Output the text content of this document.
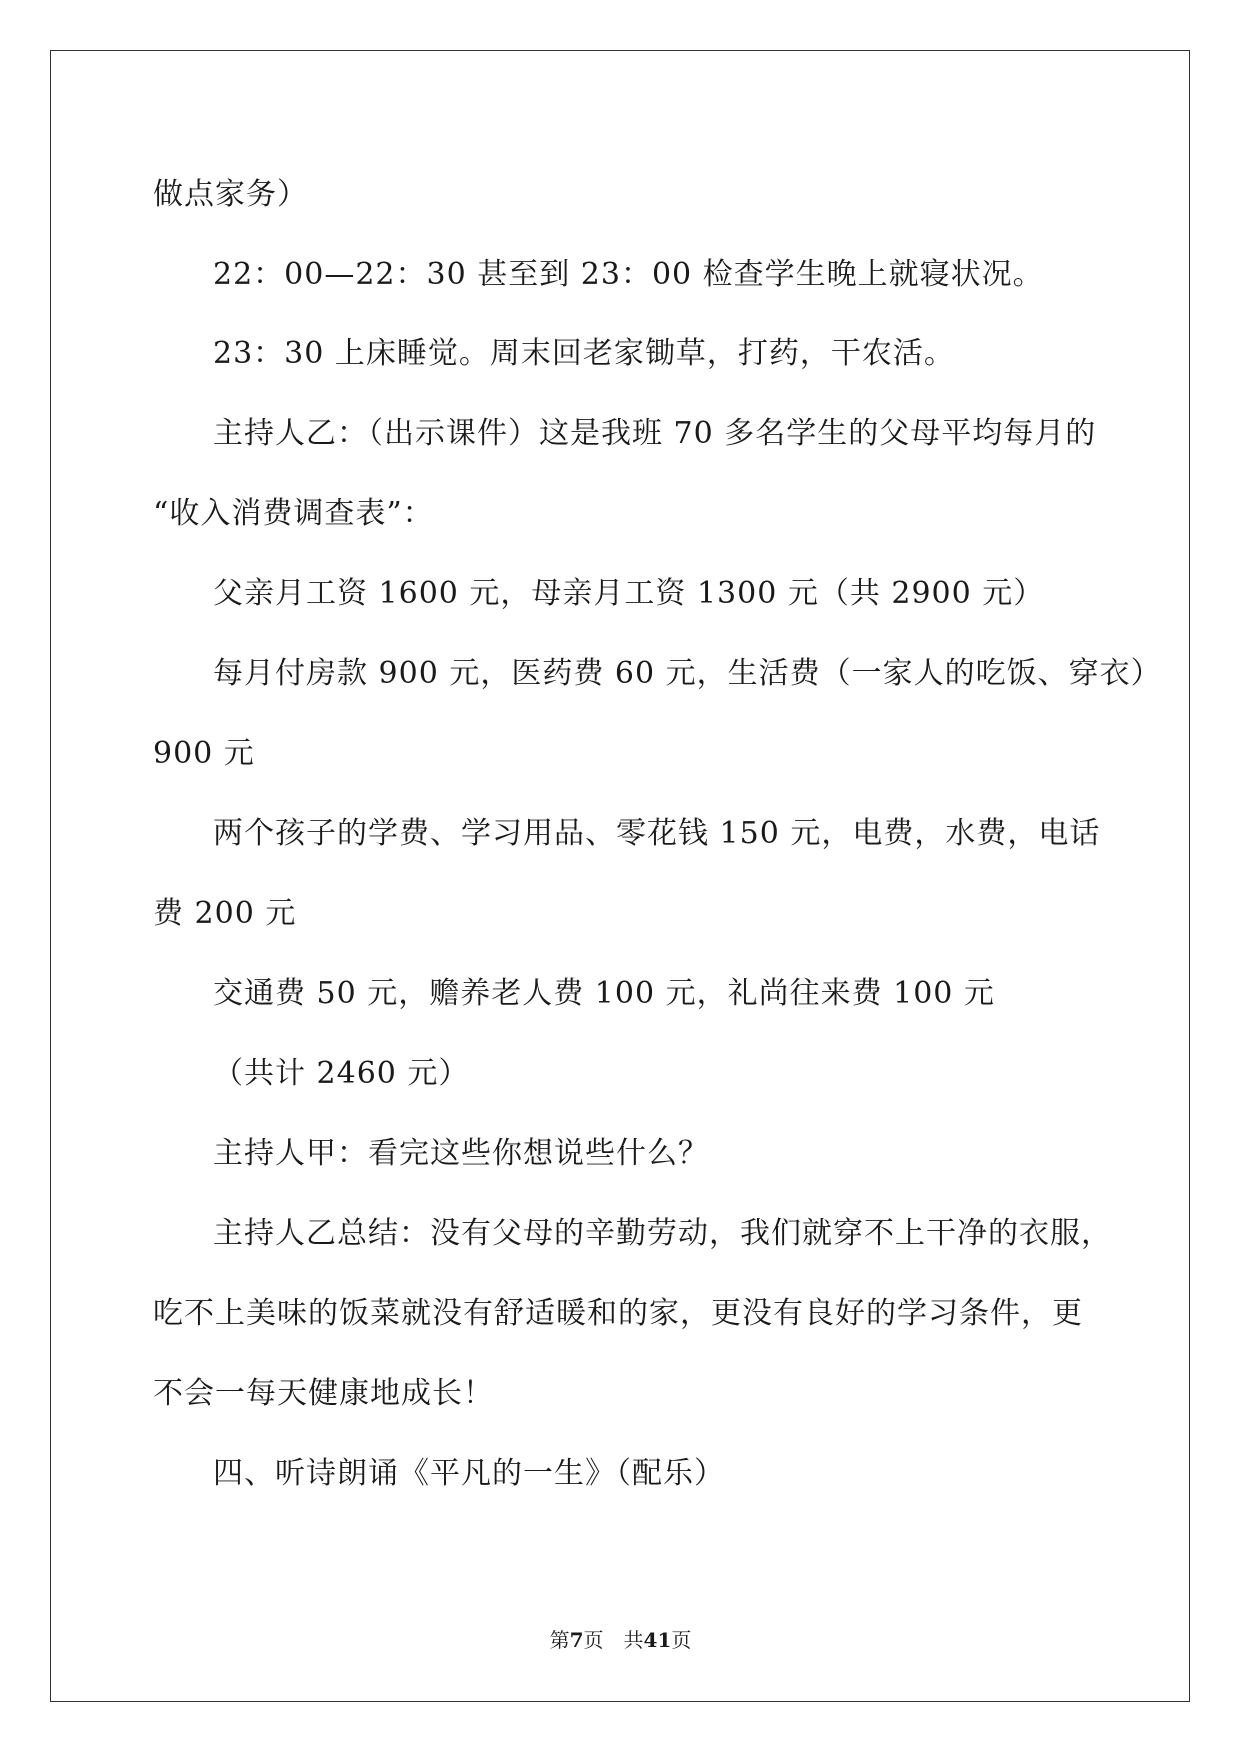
做点家务）
22：00—22：30 甚至到 23：00 检查学生晚上就寝状况。
23：30 上床睡觉。周末回老家锄草，打药，干农活。
主持人乙：（出示课件）这是我班 70 多名学生的父母平均每月的
“收入消费调查表”：
父亲月工资 1600 元，母亲月工资 1300 元（共 2900 元）
每月付房款 900 元，医药费 60 元，生活费（一家人的吃饭、穿衣）
900 元
两个孩子的学费、学习用品、零花钱 150 元，电费，水费，电话
费 200 元
交通费 50 元，赡养老人费 100 元，礼尚往来费 100 元
（共计 2460 元）
主持人甲：看完这些你想说些什么？
主持人乙总结：没有父母的辛勤劳动，我们就穿不上干净的衣服，
吃不上美味的饭菜就没有舒适暖和的家，更没有良好的学习条件，更
不会一每天健康地成长！
四、听诗朗诵《平凡的一生》（配乐）
第7页　共41页
